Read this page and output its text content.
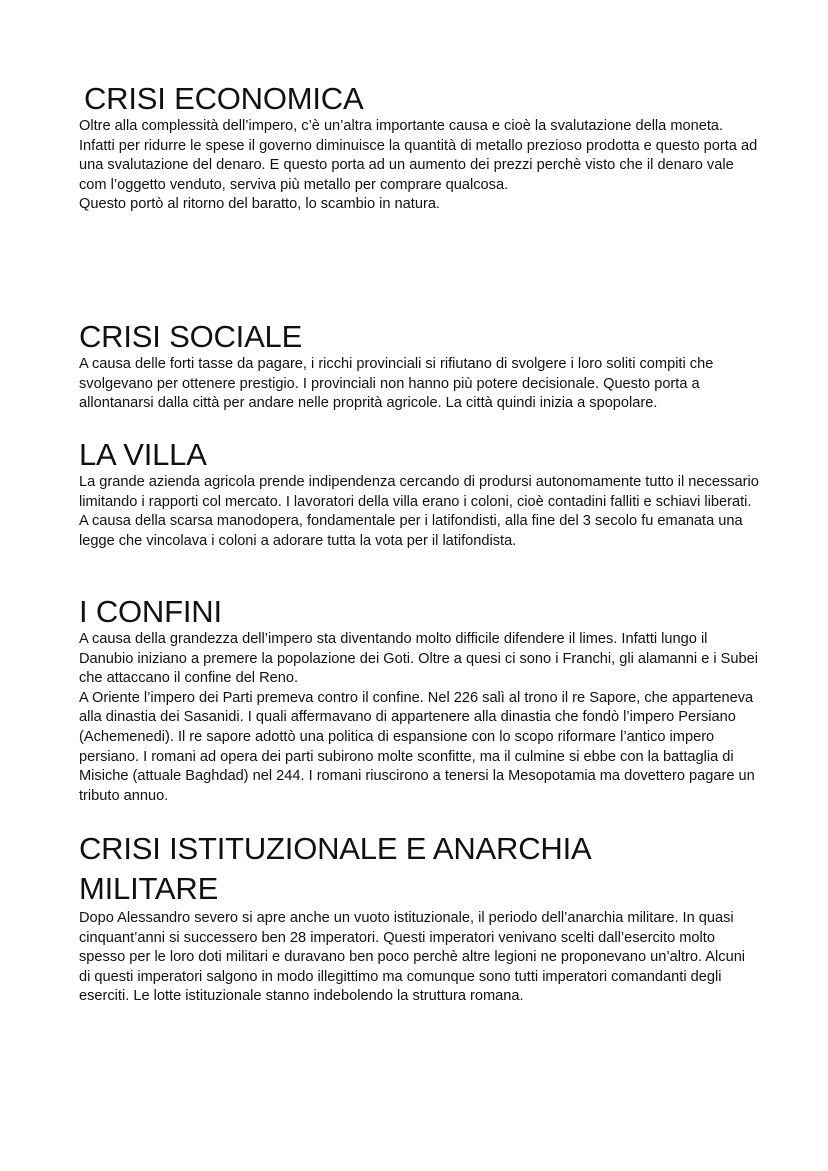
CRISI ECONOMICA
Oltre alla complessità dell’impero, c’è un’altra importante causa e cioè la svalutazione della moneta. Infatti per ridurre le spese il governo diminuisce la quantità di metallo prezioso prodotta e questo porta ad una svalutazione del denaro. E questo porta ad un aumento dei prezzi perchè visto che il denaro vale com l’oggetto venduto, serviva più metallo per comprare qualcosa.
Questo portò al ritorno del baratto, lo scambio in natura.
CRISI SOCIALE
A causa delle forti tasse da pagare, i ricchi provinciali si rifiutano di svolgere i loro soliti compiti che svolgevano per ottenere prestigio. I provinciali non hanno più potere decisionale. Questo porta a allontanarsi dalla città per andare nelle proprità agricole. La città quindi inizia a spopolare.
LA VILLA
La grande azienda agricola prende indipendenza cercando di prodursi autonomamente tutto il necessario limitando i rapporti col mercato. I lavoratori della villa erano i coloni, cioè contadini falliti e schiavi liberati. A causa della scarsa manodopera, fondamentale per i latifondisti, alla fine del 3 secolo fu emanata una legge che vincolava i coloni a adorare tutta la vota per il latifondista.
I CONFINI
A causa della grandezza dell’impero sta diventando molto difficile difendere il limes. Infatti lungo il Danubio iniziano a premere la popolazione dei Goti. Oltre a quesi ci sono i Franchi, gli alamanni e i Subei che attaccano il confine del Reno.
A Oriente l’impero dei Parti premeva contro il confine. Nel 226 salì al trono il re Sapore, che apparteneva alla dinastia dei Sasanidi. I quali affermavano di appartenere alla dinastia che fondò l’impero Persiano (Achemenedi). Il re sapore adottò una politica di espansione con lo scopo riformare l’antico impero persiano. I romani ad opera dei parti subirono molte sconfitte, ma il culmine si ebbe con la battaglia di Misiche (attuale Baghdad) nel 244. I romani riuscirono a tenersi la Mesopotamia ma dovettero pagare un tributo annuo.
CRISI ISTITUZIONALE E ANARCHIA MILITARE
Dopo Alessandro severo si apre anche un vuoto istituzionale, il periodo dell’anarchia militare. In quasi cinquant’anni si successero ben 28 imperatori. Questi imperatori venivano scelti dall’esercito molto spesso per le loro doti militari e duravano ben poco perchè altre legioni ne proponevano un’altro. Alcuni di questi imperatori salgono in modo illegittimo ma comunque sono tutti imperatori comandanti degli eserciti. Le lotte istituzionale stanno indebolendo la struttura romana.
